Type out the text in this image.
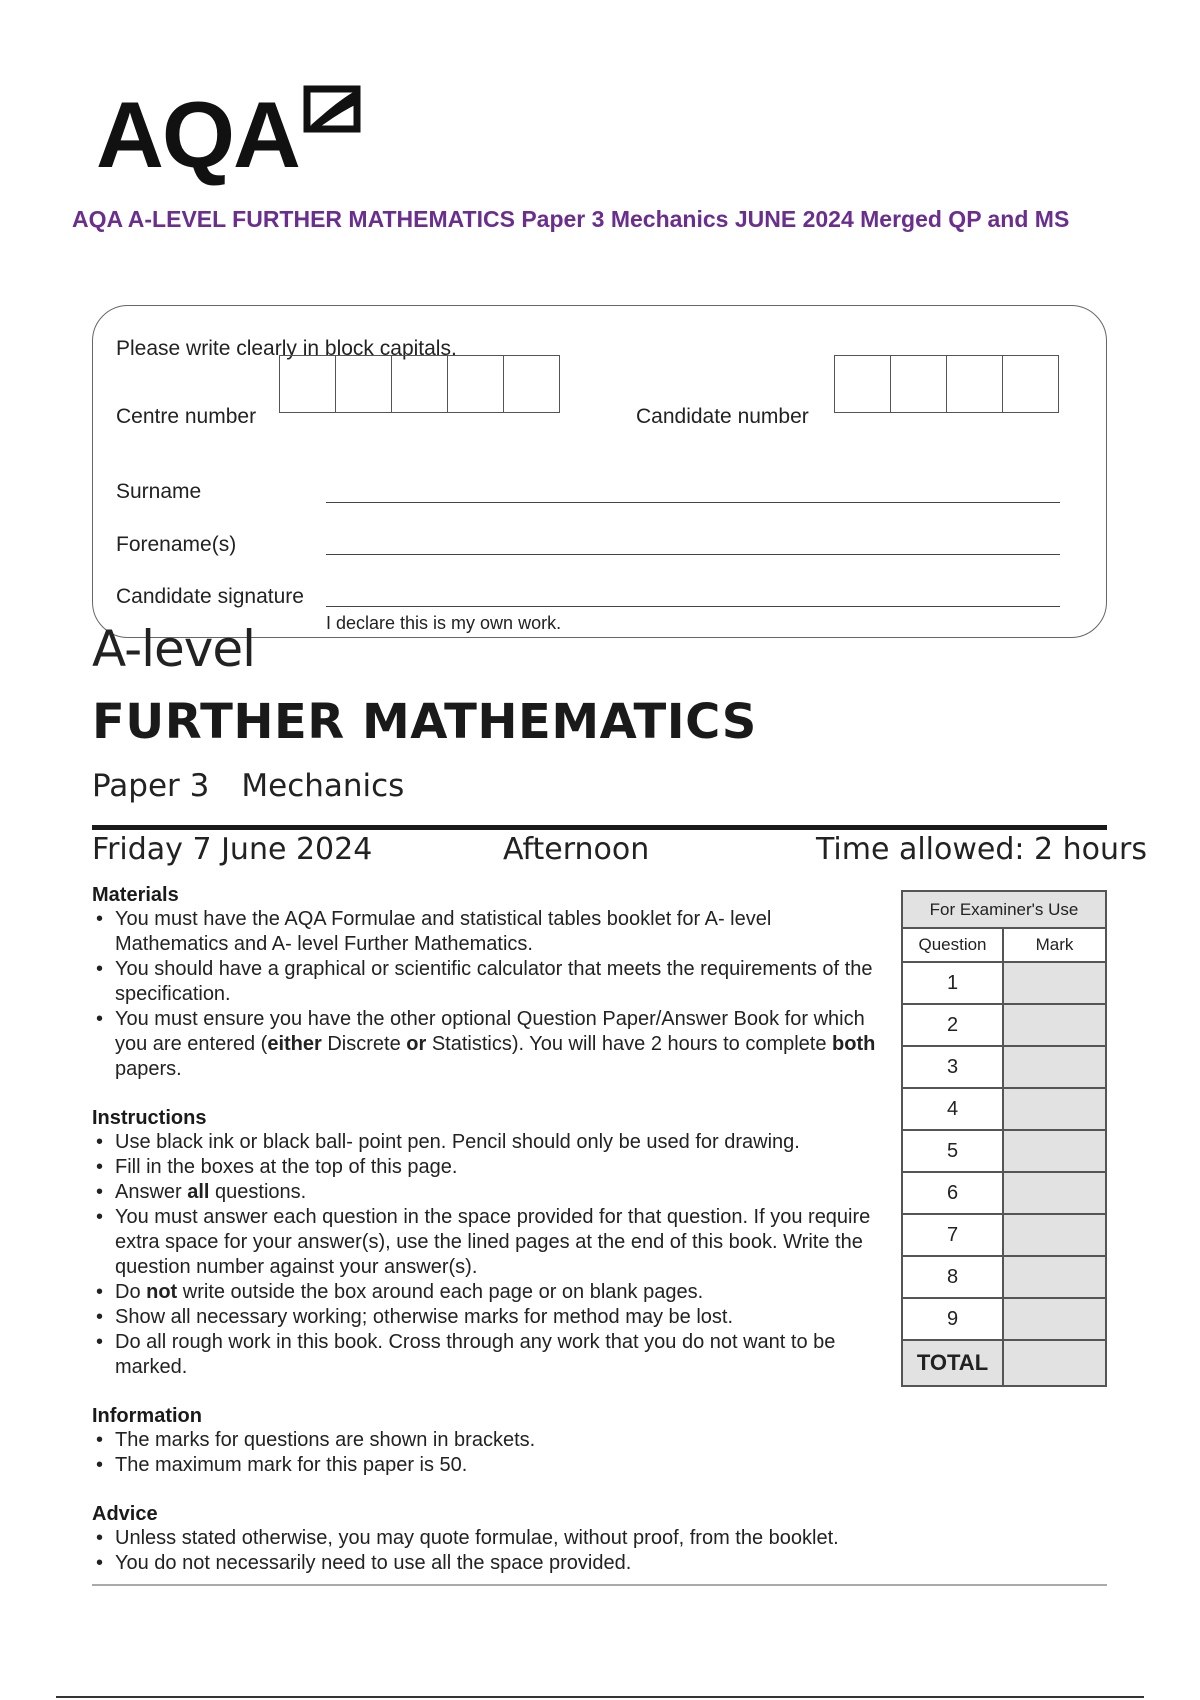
AQA
AQA A-LEVEL FURTHER MATHEMATICS Paper 3 Mechanics JUNE 2024 Merged QP and MS
Please write clearly in block capitals.
Centre number	Candidate number
Surname
Forename(s)
Candidate signature
I declare this is my own work.
A-level
FURTHER MATHEMATICS
Paper 3 Mechanics
Friday 7 June 2024	Afternoon	Time allowed: 2 hours
Materials
• You must have the AQA Formulae and statistical tables booklet for A- level Mathematics and A- level Further Mathematics.
• You should have a graphical or scientific calculator that meets the requirements of the specification.
• You must ensure you have the other optional Question Paper/Answer Book for which you are entered (either Discrete or Statistics). You will have 2 hours to complete both papers.
Instructions
• Use black ink or black ball- point pen. Pencil should only be used for drawing.
• Fill in the boxes at the top of this page.
• Answer all questions.
• You must answer each question in the space provided for that question. If you require extra space for your answer(s), use the lined pages at the end of this book. Write the question number against your answer(s).
• Do not write outside the box around each page or on blank pages.
• Show all necessary working; otherwise marks for method may be lost.
• Do all rough work in this book. Cross through any work that you do not want to be marked.
Information
• The marks for questions are shown in brackets.
• The maximum mark for this paper is 50.
Advice
• Unless stated otherwise, you may quote formulae, without proof, from the booklet.
• You do not necessarily need to use all the space provided.
For Examiner's Use	
Question	Mark
1	
2	
3	
4	
5	
6	
7	
8	
9	
TOTAL	
